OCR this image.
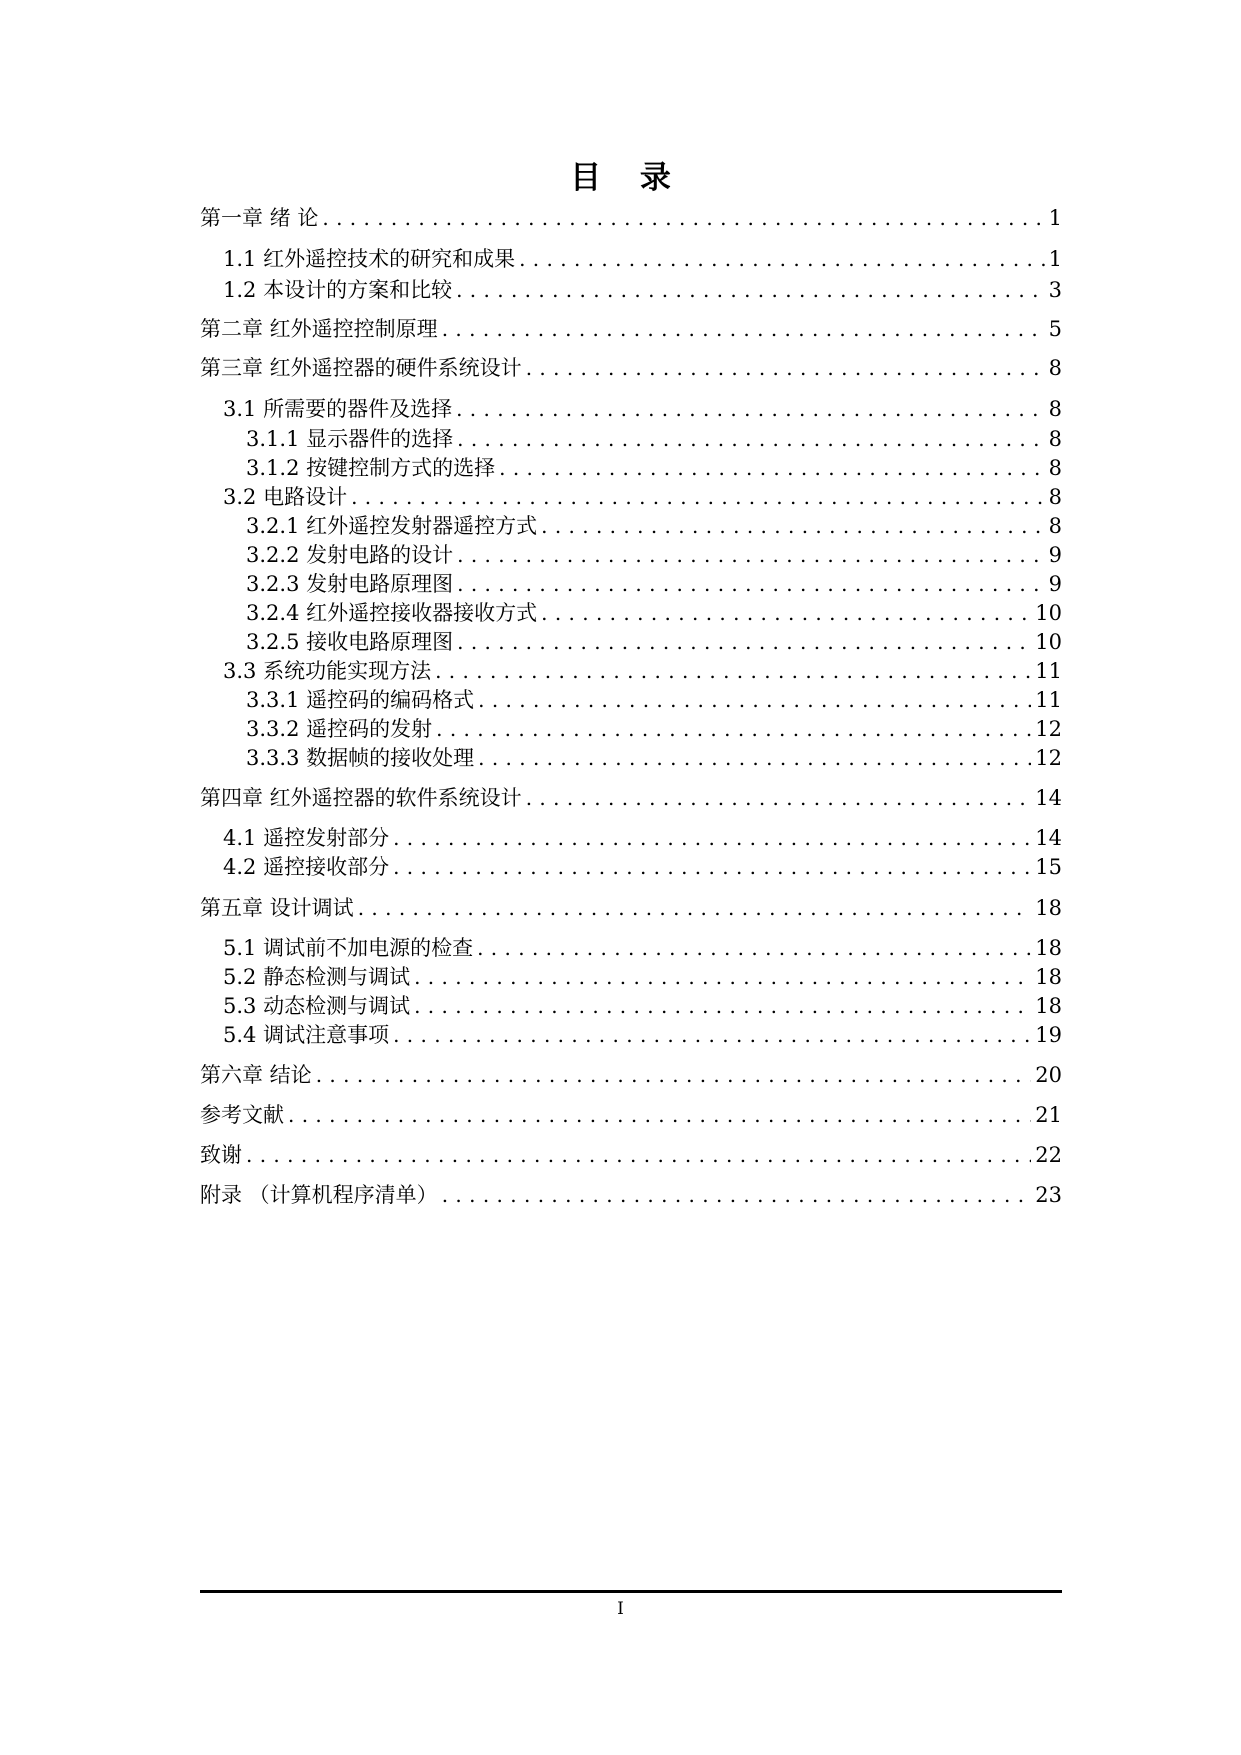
目 录
第一章 绪 论 . . .	1
1.1 红外遥控技术的研究和成果 . . .	1
1.2 本设计的方案和比较 . . .	3
第二章 红外遥控控制原理 . . .	5
第三章 红外遥控器的硬件系统设计 . . .	8
3.1 所需要的器件及选择 . . .	8
3.1.1 显示器件的选择 . . .	8
3.1.2 按键控制方式的选择 . . .	8
3.2 电路设计 . . .	8
3.2.1 红外遥控发射器遥控方式 . . .	8
3.2.2 发射电路的设计 . . .	9
3.2.3 发射电路原理图 . . .	9
3.2.4 红外遥控接收器接收方式 . . .	10
3.2.5 接收电路原理图 . . .	10
3.3 系统功能实现方法 . . .	11
3.3.1 遥控码的编码格式 . . .	11
3.3.2 遥控码的发射 . . .	12
3.3.3 数据帧的接收处理 . . .	12
第四章 红外遥控器的软件系统设计 . . .	14
4.1 遥控发射部分 . . .	14
4.2 遥控接收部分 . . .	15
第五章 设计调试 . . .	18
5.1 调试前不加电源的检查 . . .	18
5.2 静态检测与调试 . . .	18
5.3 动态检测与调试 . . .	18
5.4 调试注意事项 . . .	19
第六章 结论 . . .	20
参考文献 . . .	21
致谢 . . .	22
附录 （计算机程序清单） . . .	23
I
